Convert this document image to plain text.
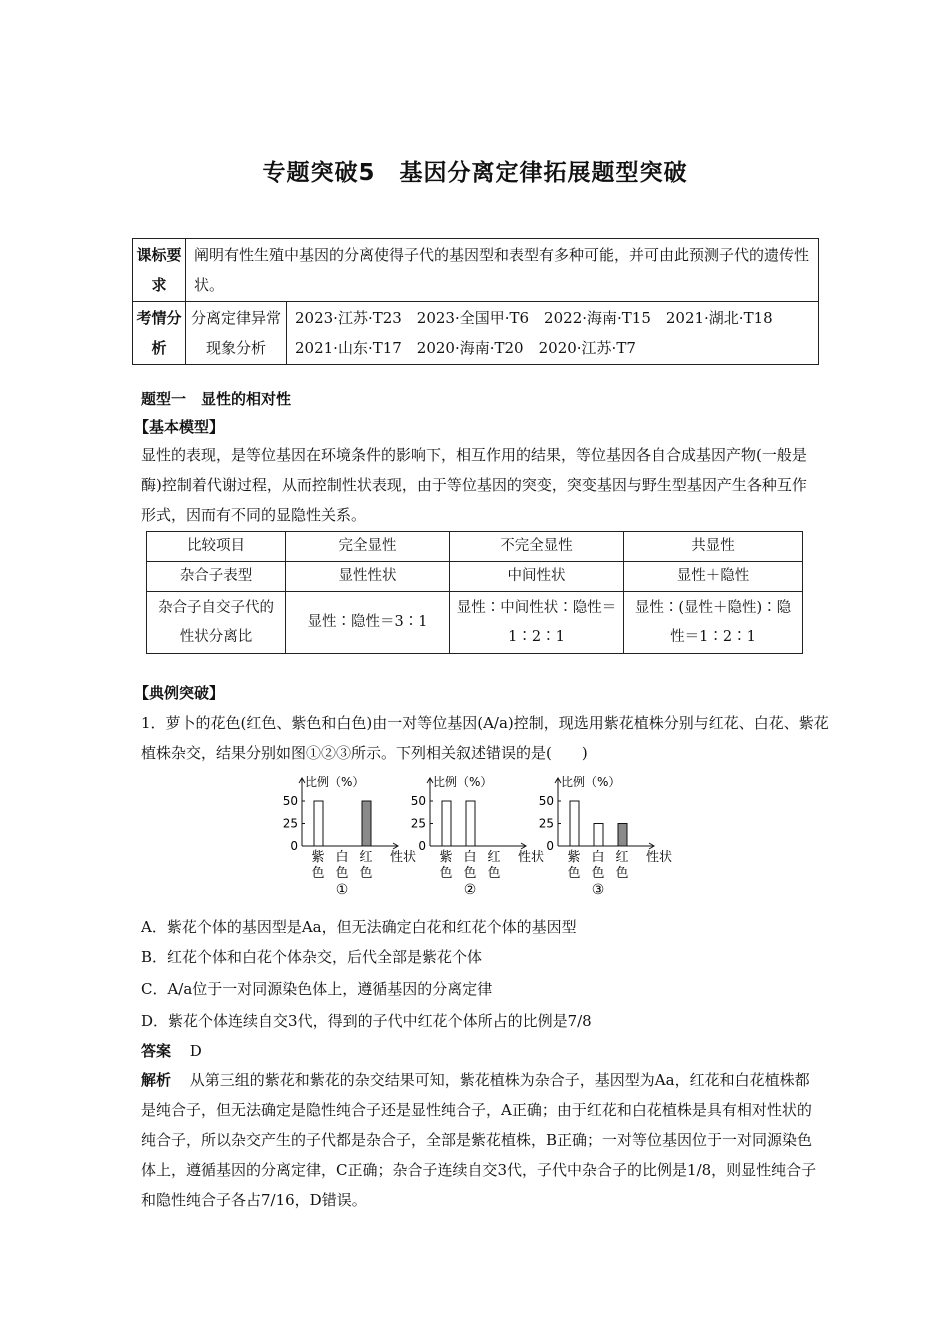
专题突破5　基因分离定律拓展题型突破
课标要求	阐明有性生殖中基因的分离使得子代的基因型和表型有多种可能，并可由此预测子代的遗传性状。	
考情分析	分离定律异常现象分析	2023·江苏·T23　2023·全国甲·T6　2022·海南·T15　2021·湖北·T18
2021·山东·T17　2020·海南·T20　2020·江苏·T7
题型一　显性的相对性
【基本模型】
显性的表现，是等位基因在环境条件的影响下，相互作用的结果，等位基因各自合成基因产物(一般是酶)控制着代谢过程，从而控制性状表现，由于等位基因的突变，突变基因与野生型基因产生各种互作形式，因而有不同的显隐性关系。
比较项目	完全显性	不完全显性	共显性
杂合子表型	显性性状	中间性状	显性＋隐性
杂合子自交子代的性状分离比	显性∶隐性＝3∶1	显性∶中间性状∶隐性＝1∶2∶1	显性∶(显性＋隐性)∶隐性＝1∶2∶1
【典例突破】
1．萝卜的花色(红色、紫色和白色)由一对等位基因(A/a)控制，现选用紫花植株分别与红花、白花、紫花植株杂交，结果分别如图①②③所示。下列相关叙述错误的是(　　)
比例（%）
0
25
50
紫
色
白
色
红
色
性状
①
比例（%）
0
25
50
紫
色
白
色
红
色
性状
②
比例（%）
0
25
50
紫
色
白
色
红
色
性状
③
A．紫花个体的基因型是Aa，但无法确定白花和红花个体的基因型
B．红花个体和白花个体杂交，后代全部是紫花个体
C．A/a位于一对同源染色体上，遵循基因的分离定律
D．紫花个体连续自交3代，得到的子代中红花个体所占的比例是7/8
答案 D
解析 从第三组的紫花和紫花的杂交结果可知，紫花植株为杂合子，基因型为Aa，红花和白花植株都是纯合子，但无法确定是隐性纯合子还是显性纯合子，A正确；由于红花和白花植株是具有相对性状的纯合子，所以杂交产生的子代都是杂合子，全部是紫花植株，B正确；一对等位基因位于一对同源染色体上，遵循基因的分离定律，C正确；杂合子连续自交3代，子代中杂合子的比例是1/8，则显性纯合子和隐性纯合子各占7/16，D错误。
